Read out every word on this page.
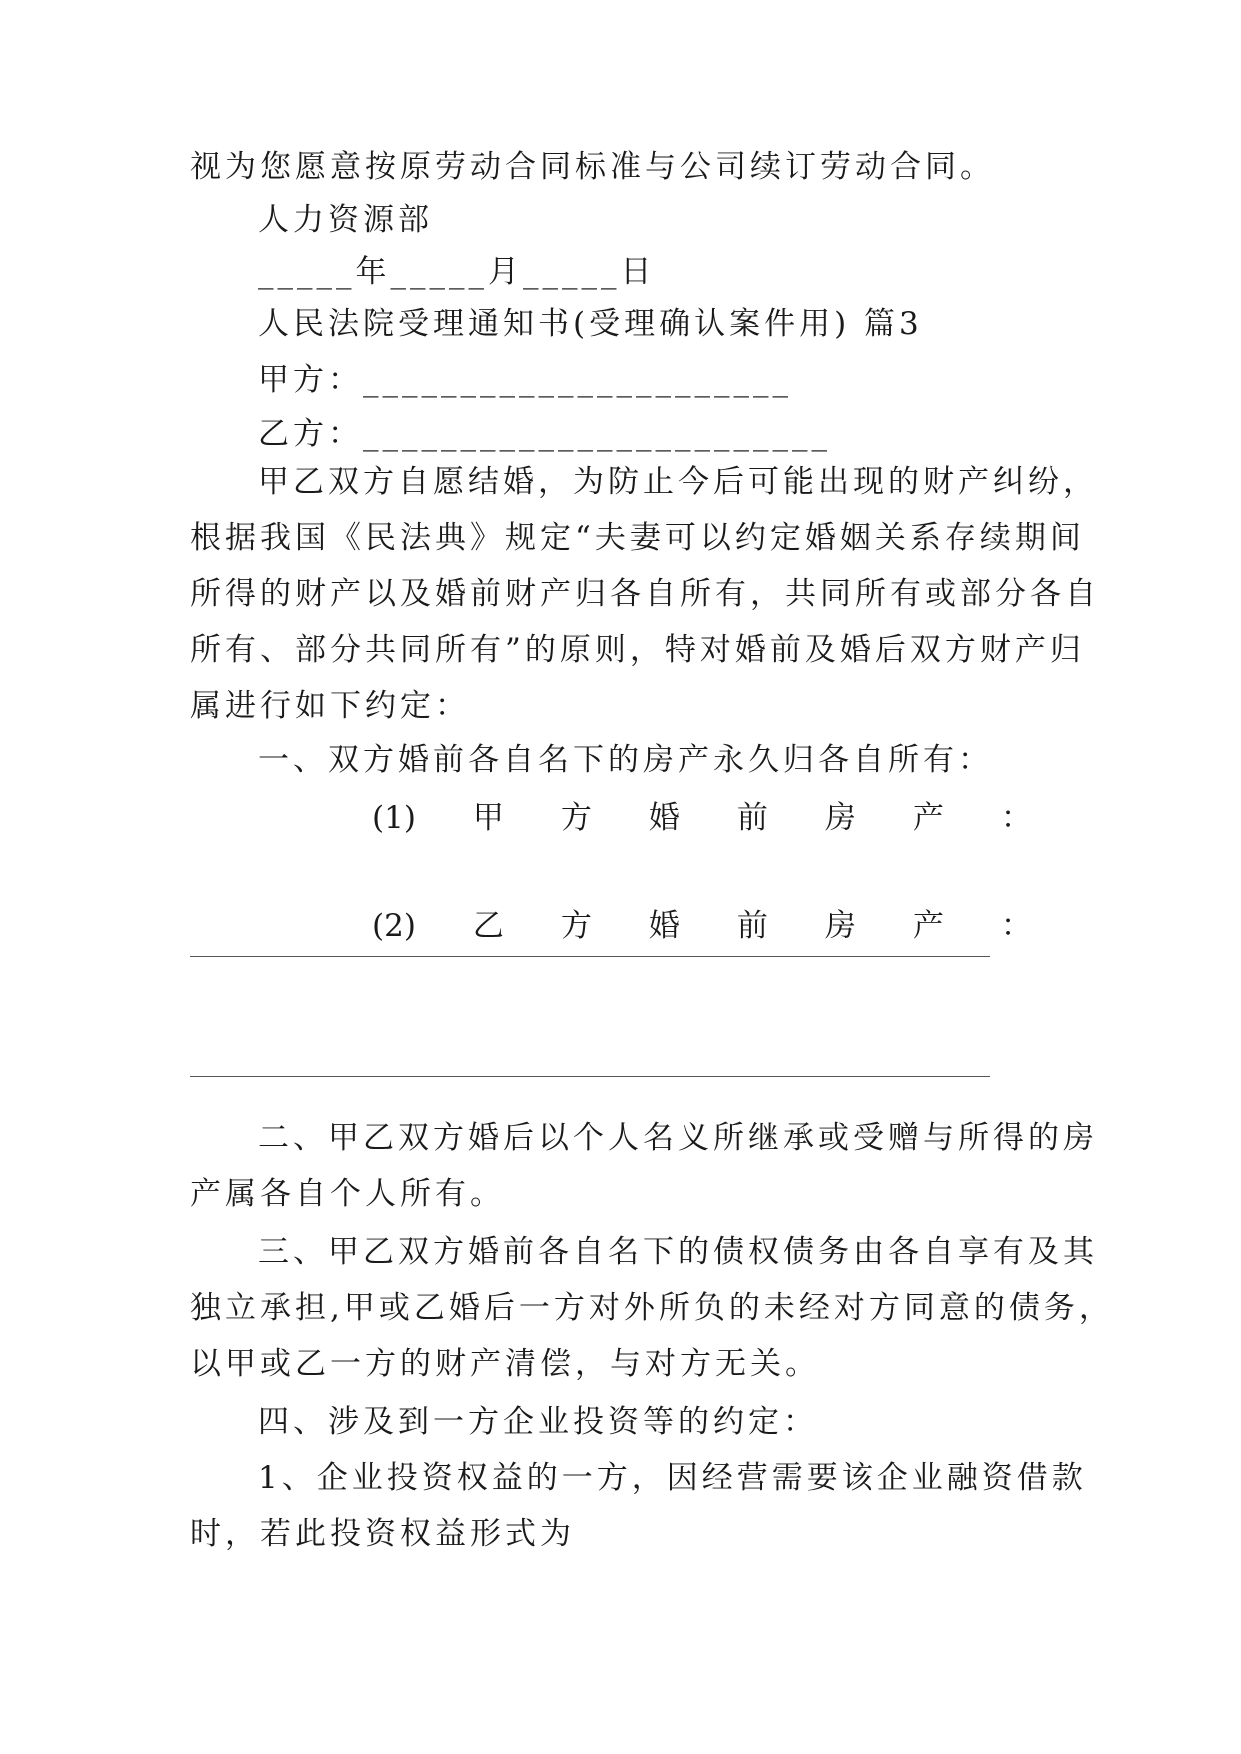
视为您愿意按原劳动合同标准与公司续订劳动合同。
人力资源部
_____年_____月_____日
人民法院受理通知书(受理确认案件用) 篇3
甲方：______________________
乙方：________________________
甲乙双方自愿结婚，为防止今后可能出现的财产纠纷，
根据我国《民法典》规定“夫妻可以约定婚姻关系存续期间
所得的财产以及婚前财产归各自所有，共同所有或部分各自
所有、部分共同所有”的原则，特对婚前及婚后双方财产归
属进行如下约定：
一、双方婚前各自名下的房产永久归各自所有：
(1) 甲 方 婚 前 房 产 ：
(2) 乙 方 婚 前 房 产 ：
二、甲乙双方婚后以个人名义所继承或受赠与所得的房
产属各自个人所有。
三、甲乙双方婚前各自名下的债权债务由各自享有及其
独立承担,甲或乙婚后一方对外所负的未经对方同意的债务，
以甲或乙一方的财产清偿，与对方无关。
四、涉及到一方企业投资等的约定：
1、企业投资权益的一方，因经营需要该企业融资借款
时，若此投资权益形式为
